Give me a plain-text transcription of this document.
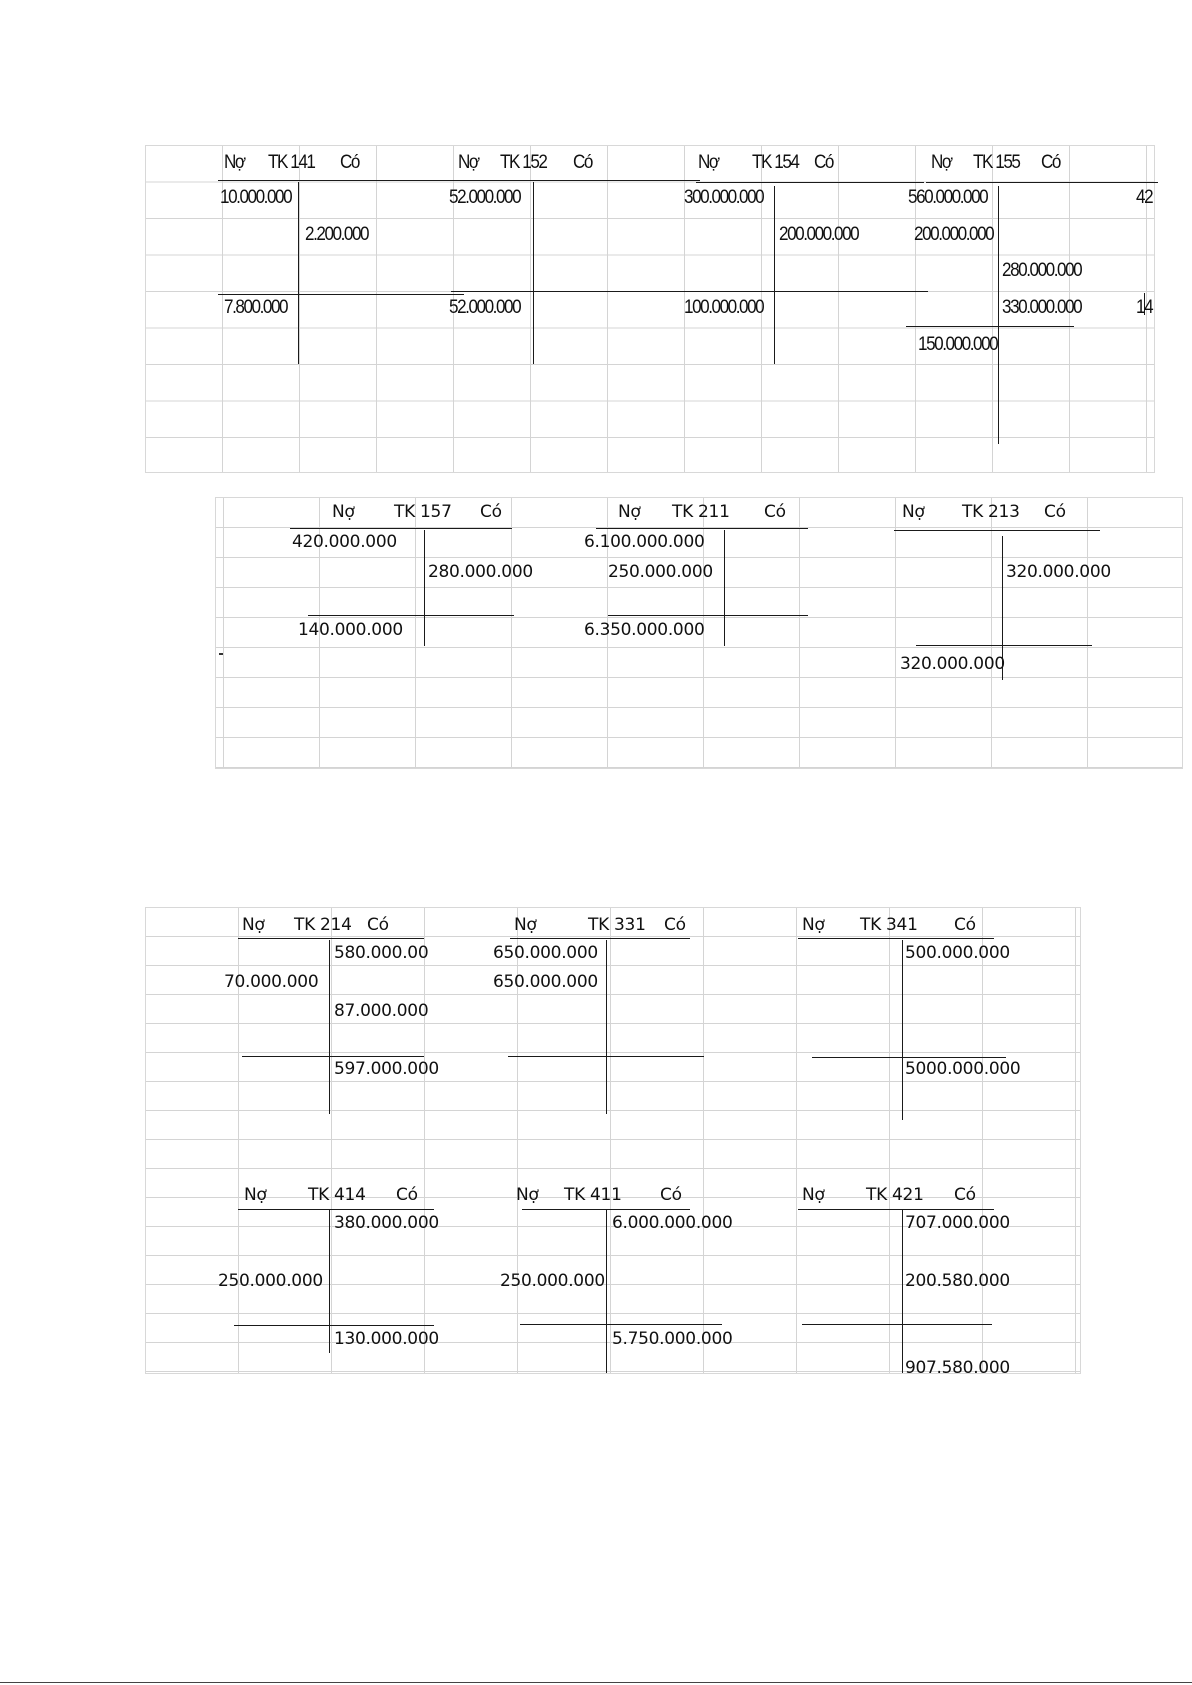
Nợ TK 141 Có
10.000.000
2.200.000
7.800.000
Nợ TK 152 Có
52.000.000
52.000.000
Nợ TK 154 Có
300.000.000
200.000.000
100.000.000
Nợ TK 155 Có
560.000.000
200.000.000
280.000.000
330.000.000
150.000.000
42
14
Nợ TK 157 Có
420.000.000
280.000.000
140.000.000
Nợ TK 211 Có
6.100.000.000
250.000.000
6.350.000.000
Nợ TK 213 Có
320.000.000
320.000.000
Nợ TK 214 Có
580.000.00
70.000.000
87.000.000
597.000.000
Nợ	TK 331 Có
650.000.000
650.000.000
Nợ TK 341 Có
500.000.000
5000.000.000
Nợ TK 414 Có
380.000.000
250.000.000
130.000.000
Nợ TK 411 Có
6.000.000.000
250.000.000
5.750.000.000
Nợ TK 421 Có
707.000.000
200.580.000
907.580.000
